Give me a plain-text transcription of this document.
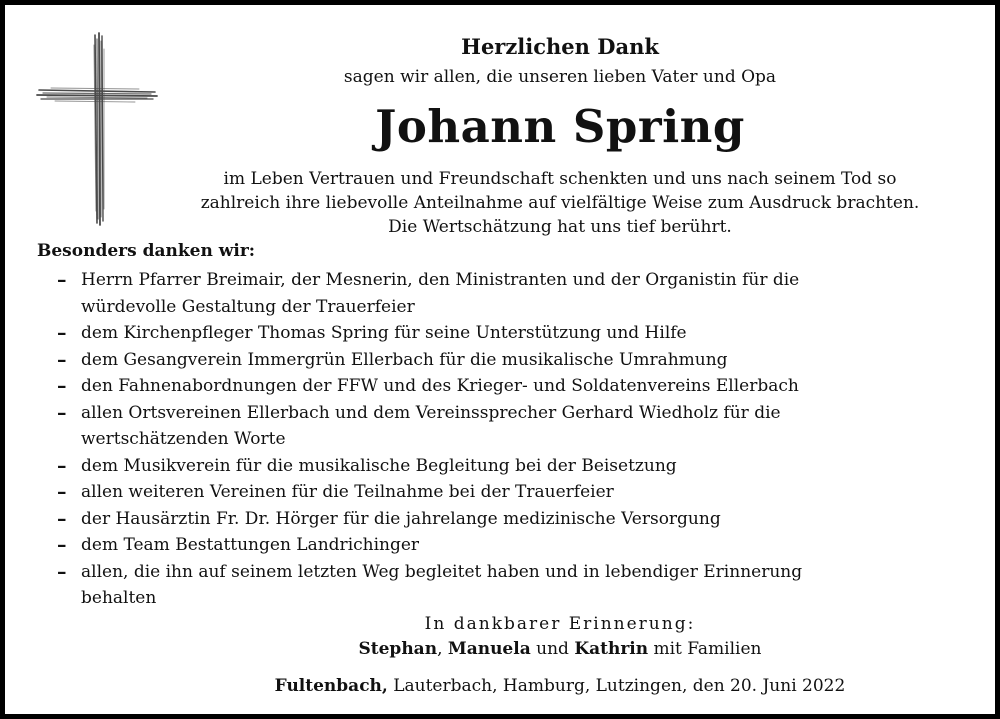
Herzlichen Dank
sagen wir allen, die unseren lieben Vater und Opa
Johann Spring
im Leben Vertrauen und Freundschaft schenkten und uns nach seinem Tod so
zahlreich ihre liebevolle Anteilnahme auf vielfältige Weise zum Ausdruck brachten.
Die Wertschätzung hat uns tief berührt.
Besonders danken wir:
– Herrn Pfarrer Breimair, der Mesnerin, den Ministranten und der Organistin für die
würdevolle Gestaltung der Trauerfeier
– dem Kirchenpfleger Thomas Spring für seine Unterstützung und Hilfe
– dem Gesangverein Immergrün Ellerbach für die musikalische Umrahmung
– den Fahnenabordnungen der FFW und des Krieger- und Soldatenvereins Ellerbach
– allen Ortsvereinen Ellerbach und dem Vereinssprecher Gerhard Wiedholz für die
wertschätzenden Worte
– dem Musikverein für die musikalische Begleitung bei der Beisetzung
– allen weiteren Vereinen für die Teilnahme bei der Trauerfeier
– der Hausärztin Fr. Dr. Hörger für die jahrelange medizinische Versorgung
– dem Team Bestattungen Landrichinger
– allen, die ihn auf seinem letzten Weg begleitet haben und in lebendiger Erinnerung
behalten
In dankbarer Erinnerung:
Stephan, Manuela und Kathrin mit Familien
Fultenbach, Lauterbach, Hamburg, Lutzingen, den 20. Juni 2022
